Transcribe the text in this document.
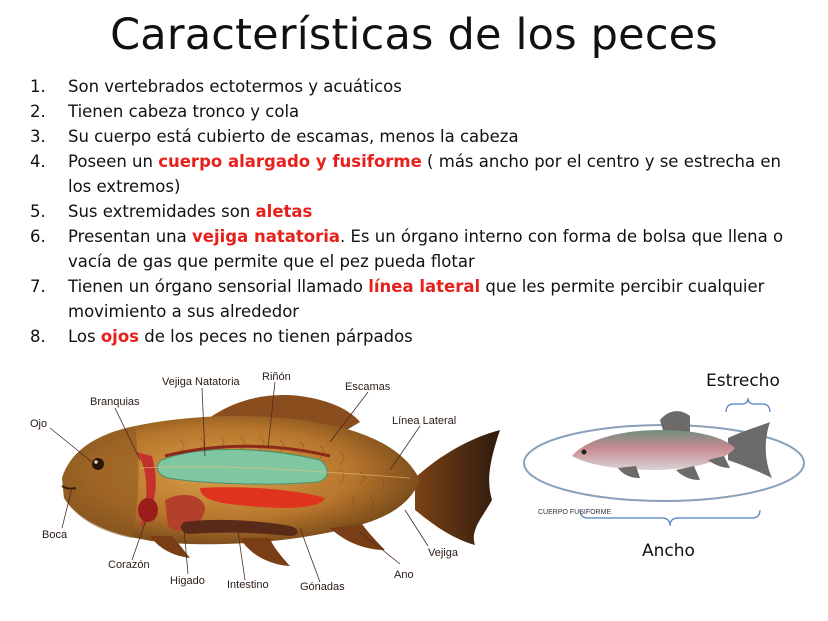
Características de los peces
1. Son vertebrados ectotermos y acuáticos
2. Tienen cabeza tronco y cola
3. Su cuerpo está cubierto de escamas, menos la cabeza
4. Poseen un cuerpo alargado y fusiforme ( más ancho por el centro y se estrecha en los extremos)
5. Sus extremidades son aletas
6. Presentan una vejiga natatoria. Es un órgano interno con forma de bolsa que llena o vacía de gas que permite que el pez pueda flotar
7. Tienen un órgano sensorial llamado línea lateral que les permite percibir cualquier movimiento a sus alrededor
8. Los ojos de los peces no tienen párpados
Ojo
Branquias
Vejiga Natatoria Riñón
Escamas
Línea Lateral
Boca
Corazón
Higado Intestino	Gónadas
Ano
Vejiga
Estrecho
Ancho
CUERPO FUSIFORME
